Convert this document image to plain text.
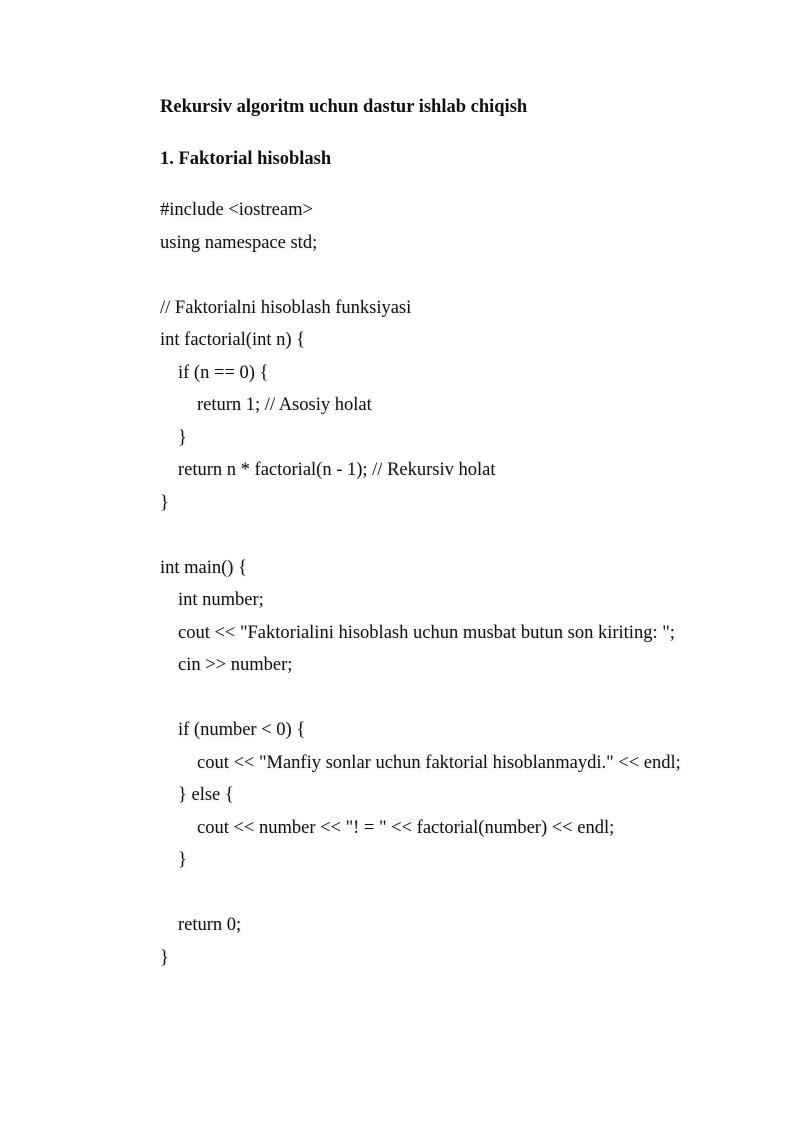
Rekursiv algoritm uchun dastur ishlab chiqish
1. Faktorial hisoblash
#include <iostream>
using namespace std;
// Faktorialni hisoblash funksiyasi
int factorial(int n) {
if (n == 0) {
return 1; // Asosiy holat
}
return n * factorial(n - 1); // Rekursiv holat
}
int main() {
int number;
cout << "Faktorialini hisoblash uchun musbat butun son kiriting: ";
cin >> number;
if (number < 0) {
cout << "Manfiy sonlar uchun faktorial hisoblanmaydi." << endl;
} else {
cout << number << "! = " << factorial(number) << endl;
}
return 0;
}
